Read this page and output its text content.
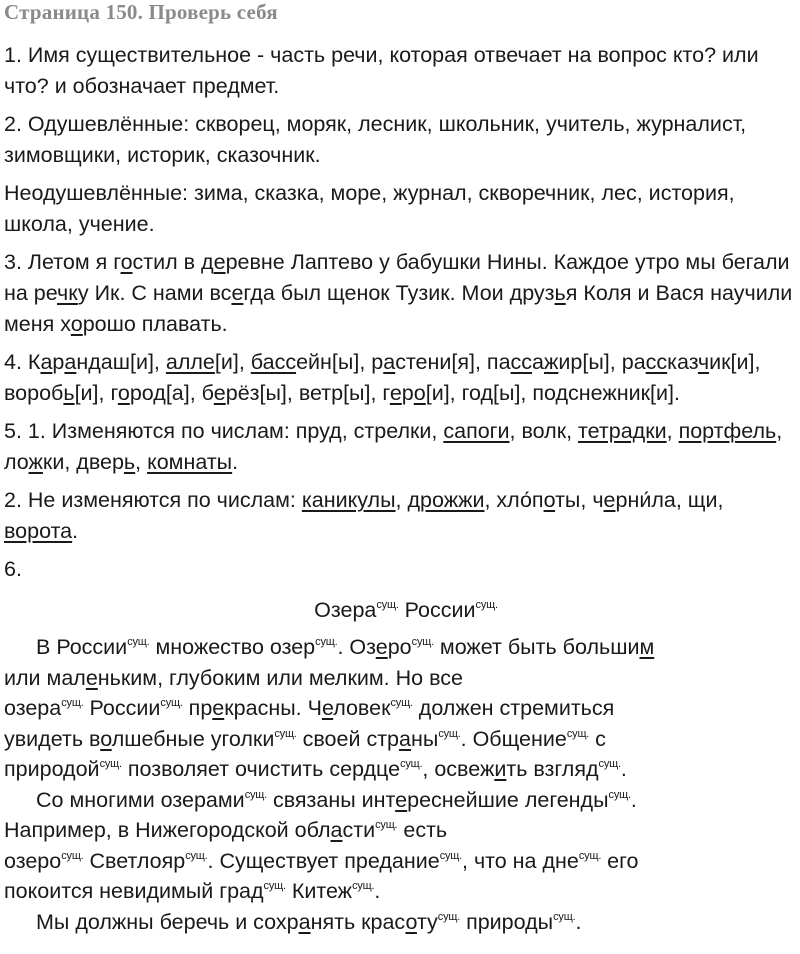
Страница 150. Проверь себя

1. Имя существительное - часть речи, которая отвечает на вопрос кто? или что? и обозначает предмет.

2. Одушевлённые: скворец, моряк, лесник, школьник, учитель, журналист, зимовщики, историк, сказочник.

Неодушевлённые: зима, сказка, море, журнал, скворечник, лес, история, школа, учение.

3. Летом я гостил в деревне Лаптево у бабушки Нины. Каждое утро мы бегали на речку Ик. С нами всегда был щенок Тузик. Мои друзья Коля и Вася научили меня хорошо плавать.

4. Карандаш[и], алле[и], бассейн[ы], растени[я], пассажир[ы], рассказчик[и], воробь[и], город[а], берёз[ы], ветр[ы], геро[и], год[ы], подснежник[и].

5. 1. Изменяются по числам: пруд, стрелки, сапоги, волк, тетрадки, портфель, ложки, дверь, комнаты.

2. Не изменяются по числам: каникулы, дрожжи, хло́поты, черни́ла, щи, ворота.

6.

Озера$^{сущ.}$ России$^{сущ.}$
В России$^{сущ.}$ множество озер$^{сущ.}$. Озеро$^{сущ.}$ может быть большим
или маленьким, глубоким или мелким. Но все
озера$^{сущ.}$ России$^{сущ.}$ прекрасны. Человек$^{сущ.}$ должен стремиться
увидеть волшебные уголки$^{сущ.}$ своей страны$^{сущ.}$. Общение$^{сущ.}$ с
природой$^{сущ.}$ позволяет очистить сердце$^{сущ.}$, освежить взгляд$^{сущ.}$.
Со многими озерами$^{сущ.}$ связаны интереснейшие легенды$^{сущ.}$.
Например, в Нижегородской области$^{сущ.}$ есть
озеро$^{сущ.}$ Светлояр$^{сущ.}$. Существует предание$^{сущ.}$, что на дне$^{сущ.}$ его
покоится невидимый град$^{сущ.}$ Китеж$^{сущ.}$.
Мы должны беречь и сохранять красоту$^{сущ.}$ природы$^{сущ.}$.
